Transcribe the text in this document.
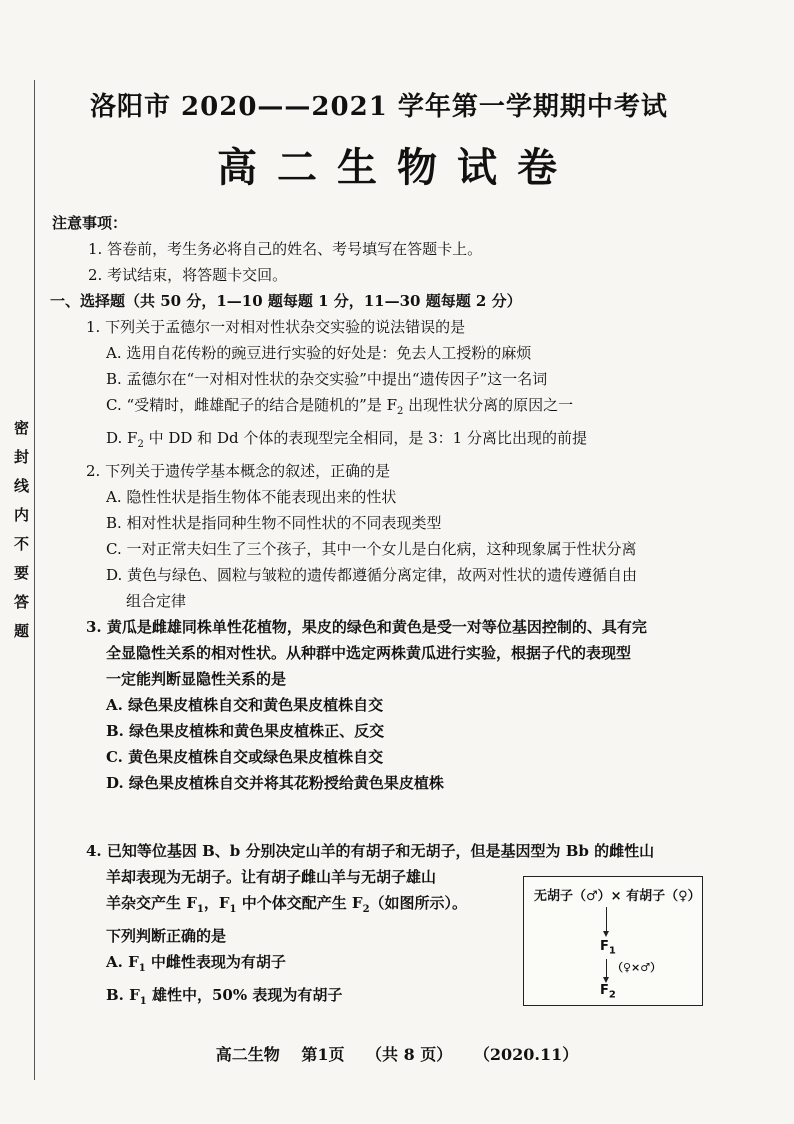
密封线内不要答题
洛阳市 2020——2021 学年第一学期期中考试
高二生物试卷
注意事项：
1. 答卷前，考生务必将自己的姓名、考号填写在答题卡上。
2. 考试结束，将答题卡交回。
一、选择题（共 50 分，1—10 题每题 1 分，11—30 题每题 2 分）
1. 下列关于孟德尔一对相对性状杂交实验的说法错误的是
A. 选用自花传粉的豌豆进行实验的好处是：免去人工授粉的麻烦
B. 孟德尔在“一对相对性状的杂交实验”中提出“遗传因子”这一名词
C. “受精时，雌雄配子的结合是随机的”是 $F_2$ 出现性状分离的原因之一
D. $F_2$ 中 DD 和 Dd 个体的表现型完全相同，是 3：1 分离比出现的前提
2. 下列关于遗传学基本概念的叙述，正确的是
A. 隐性性状是指生物体不能表现出来的性状
B. 相对性状是指同种生物不同性状的不同表现类型
C. 一对正常夫妇生了三个孩子，其中一个女儿是白化病，这种现象属于性状分离
D. 黄色与绿色、圆粒与皱粒的遗传都遵循分离定律，故两对性状的遗传遵循自由
组合定律
3. 黄瓜是雌雄同株单性花植物，果皮的绿色和黄色是受一对等位基因控制的、具有完
全显隐性关系的相对性状。从种群中选定两株黄瓜进行实验，根据子代的表现型
一定能判断显隐性关系的是
A. 绿色果皮植株自交和黄色果皮植株自交
B. 绿色果皮植株和黄色果皮植株正、反交
C. 黄色果皮植株自交或绿色果皮植株自交
D. 绿色果皮植株自交并将其花粉授给黄色果皮植株
4. 已知等位基因 B、b 分别决定山羊的有胡子和无胡子，但是基因型为 Bb 的雌性山
羊却表现为无胡子。让有胡子雌山羊与无胡子雄山
羊杂交产生 $F_1$，$F_1$ 中个体交配产生 $F_2$（如图所示）。
下列判断正确的是
A. $F_1$ 中雌性表现为有胡子
B. $F_1$ 雄性中，50% 表现为有胡子
无胡子（♂）× 有胡子（♀）
$F_1$
（♀×♂）
$F_2$
高二生物 第1页 （共 8 页） （2020.11）
